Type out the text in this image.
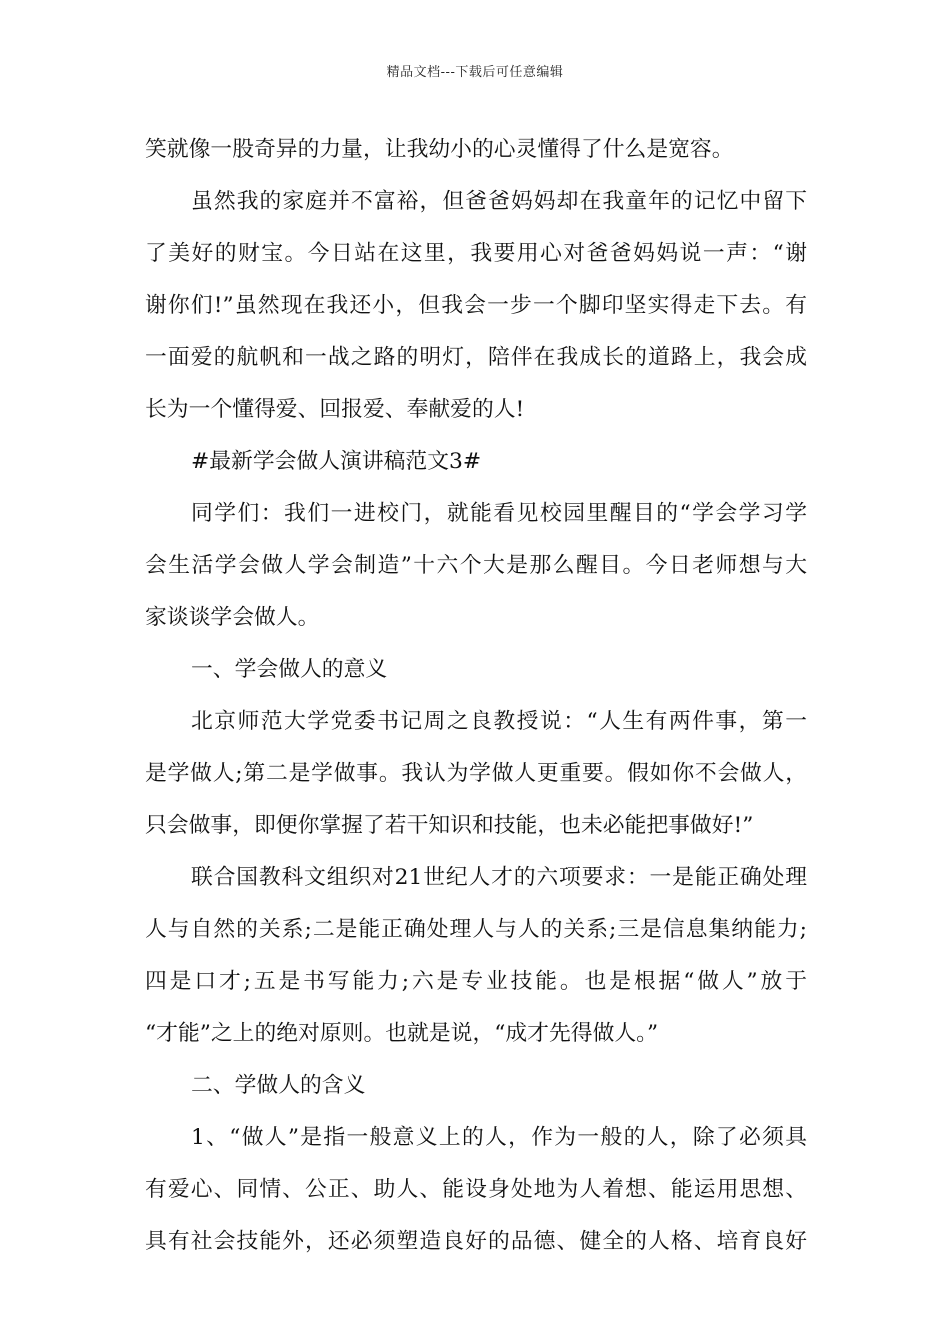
精品文档---下载后可任意编辑
笑就像一股奇异的力量，让我幼小的心灵懂得了什么是宽容。
虽然我的家庭并不富裕，但爸爸妈妈却在我童年的记忆中留下
了美好的财宝。今日站在这里，我要用心对爸爸妈妈说一声：“谢
谢你们!”虽然现在我还小，但我会一步一个脚印坚实得走下去。有
一面爱的航帆和一战之路的明灯，陪伴在我成长的道路上，我会成
长为一个懂得爱、回报爱、奉献爱的人!
#最新学会做人演讲稿范文3#
同学们：我们一进校门，就能看见校园里醒目的“学会学习学
会生活学会做人学会制造”十六个大是那么醒目。今日老师想与大
家谈谈学会做人。
一、学会做人的意义
北京师范大学党委书记周之良教授说：“人生有两件事，第一
是学做人;第二是学做事。我认为学做人更重要。假如你不会做人，
只会做事，即便你掌握了若干知识和技能，也未必能把事做好!”
联合国教科文组织对21世纪人才的六项要求：一是能正确处理
人与自然的关系;二是能正确处理人与人的关系;三是信息集纳能力;
四是口才;五是书写能力;六是专业技能。也是根据“做人”放于
“才能”之上的绝对原则。也就是说，“成才先得做人。”
二、学做人的含义
1、“做人”是指一般意义上的人，作为一般的人，除了必须具
有爱心、同情、公正、助人、能设身处地为人着想、能运用思想、
具有社会技能外，还必须塑造良好的品德、健全的人格、培育良好
